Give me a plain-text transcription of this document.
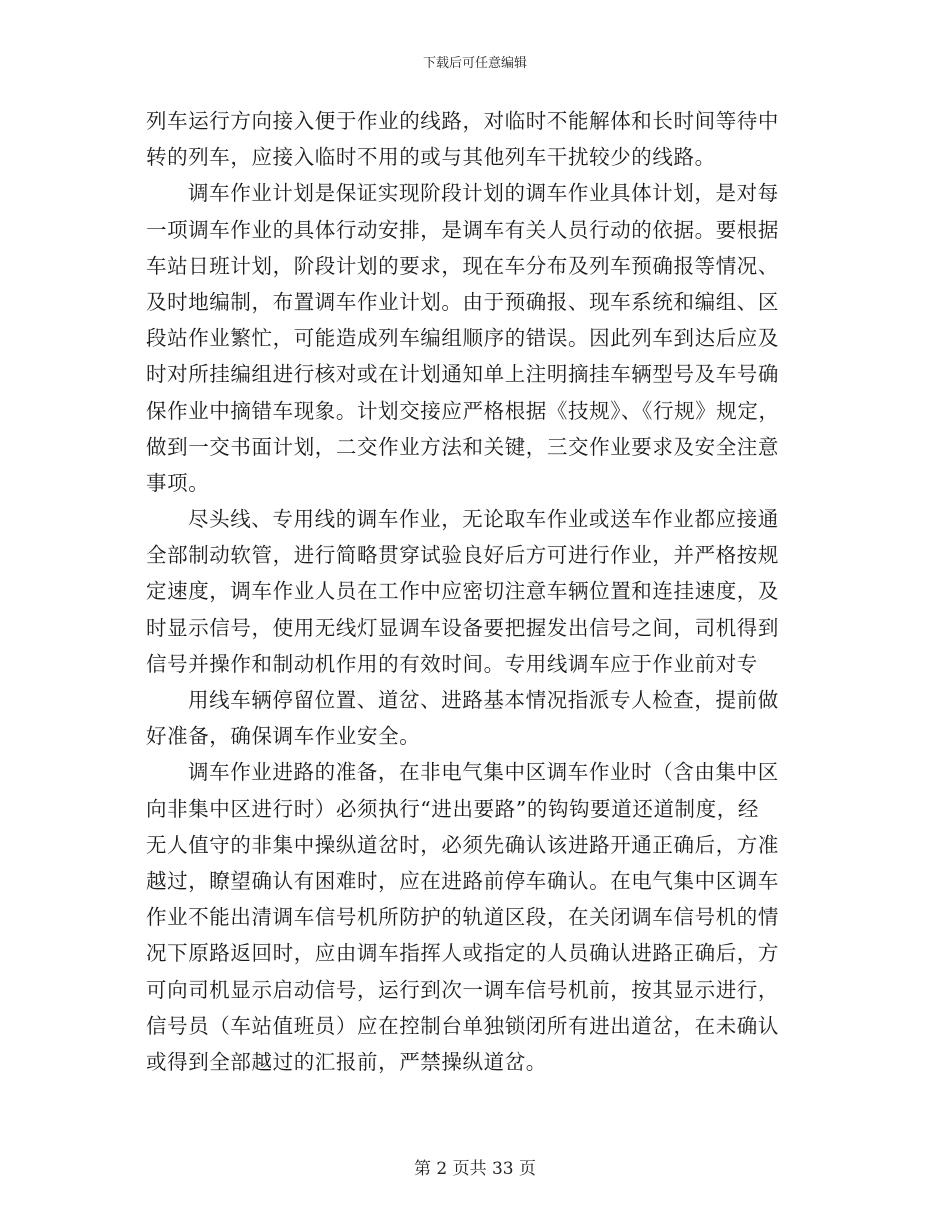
下载后可任意编辑
列车运行方向接入便于作业的线路，对临时不能解体和长时间等待中
转的列车，应接入临时不用的或与其他列车干扰较少的线路。
调车作业计划是保证实现阶段计划的调车作业具体计划，是对每
一项调车作业的具体行动安排，是调车有关人员行动的依据。要根据
车站日班计划，阶段计划的要求，现在车分布及列车预确报等情况、
及时地编制，布置调车作业计划。由于预确报、现车系统和编组、区
段站作业繁忙，可能造成列车编组顺序的错误。因此列车到达后应及
时对所挂编组进行核对或在计划通知单上注明摘挂车辆型号及车号确
保作业中摘错车现象。计划交接应严格根据《技规》、《行规》规定，
做到一交书面计划，二交作业方法和关键，三交作业要求及安全注意
事项。
尽头线、专用线的调车作业，无论取车作业或送车作业都应接通
全部制动软管，进行简略贯穿试验良好后方可进行作业，并严格按规
定速度，调车作业人员在工作中应密切注意车辆位置和连挂速度，及
时显示信号，使用无线灯显调车设备要把握发出信号之间，司机得到
信号并操作和制动机作用的有效时间。专用线调车应于作业前对专
用线车辆停留位置、道岔、进路基本情况指派专人检查，提前做
好准备，确保调车作业安全。
调车作业进路的准备，在非电气集中区调车作业时（含由集中区
向非集中区进行时）必须执行“进出要路”的钩钩要道还道制度，经
无人值守的非集中操纵道岔时，必须先确认该进路开通正确后，方准
越过，瞭望确认有困难时，应在进路前停车确认。在电气集中区调车
作业不能出清调车信号机所防护的轨道区段，在关闭调车信号机的情
况下原路返回时，应由调车指挥人或指定的人员确认进路正确后，方
可向司机显示启动信号，运行到次一调车信号机前，按其显示进行，
信号员（车站值班员）应在控制台单独锁闭所有进出道岔，在未确认
或得到全部越过的汇报前，严禁操纵道岔。
第 2 页共 33 页
